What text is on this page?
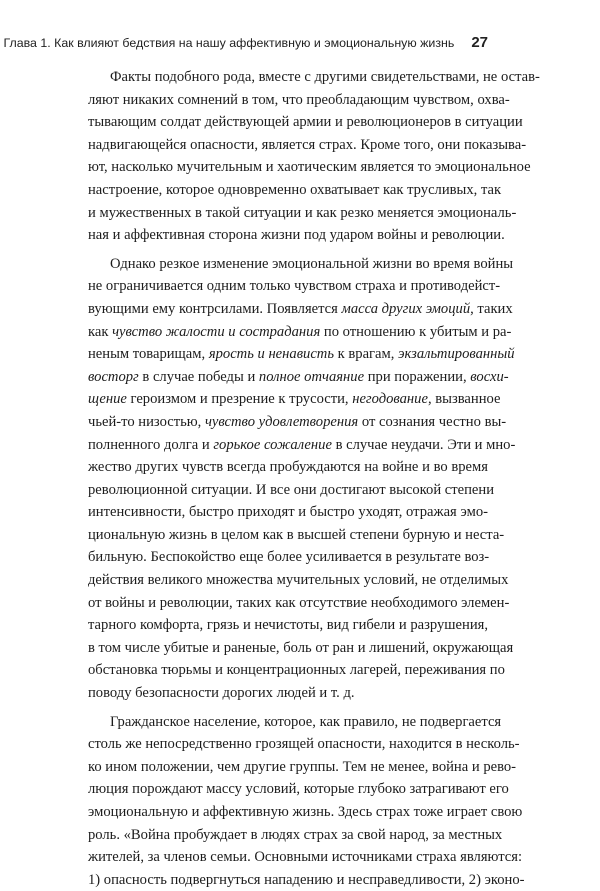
Глава 1. Как влияют бедствия на нашу аффективную и эмоциональную жизнь 27
Факты подобного рода, вместе с другими свидетельствами, не остав-
ляют никаких сомнений в том, что преобладающим чувством, охва-
тывающим солдат действующей армии и революционеров в ситуации
надвигающейся опасности, является страх. Кроме того, они показыва-
ют, насколько мучительным и хаотическим является то эмоциональное
настроение, которое одновременно охватывает как трусливых, так
и мужественных в такой ситуации и как резко меняется эмоциональ-
ная и аффективная сторона жизни под ударом войны и революции.
Однако резкое изменение эмоциональной жизни во время войны
не ограничивается одним только чувством страха и противодейст-
вующими ему контрсилами. Появляется масса других эмоций, таких
как чувство жалости и сострадания по отношению к убитым и ра-
неным товарищам, ярость и ненависть к врагам, экзальтированный
восторг в случае победы и полное отчаяние при поражении, восхи-
щение героизмом и презрение к трусости, негодование, вызванное
чьей-то низостью, чувство удовлетворения от сознания честно вы-
полненного долга и горькое сожаление в случае неудачи. Эти и мно-
жество других чувств всегда пробуждаются на войне и во время
революционной ситуации. И все они достигают высокой степени
интенсивности, быстро приходят и быстро уходят, отражая эмо-
циональную жизнь в целом как в высшей степени бурную и неста-
бильную. Беспокойство еще более усиливается в результате воз-
действия великого множества мучительных условий, не отделимых
от войны и революции, таких как отсутствие необходимого элемен-
тарного комфорта, грязь и нечистоты, вид гибели и разрушения,
в том числе убитые и раненые, боль от ран и лишений, окружающая
обстановка тюрьмы и концентрационных лагерей, переживания по
поводу безопасности дорогих людей и т. д.
Гражданское население, которое, как правило, не подвергается
столь же непосредственно грозящей опасности, находится в несколь-
ко ином положении, чем другие группы. Тем не менее, война и рево-
люция порождают массу условий, которые глубоко затрагивают его
эмоциональную и аффективную жизнь. Здесь страх тоже играет свою
роль. «Война пробуждает в людях страх за свой народ, за местных
жителей, за членов семьи. Основными источниками страха являются:
1) опасность подвергнуться нападению и несправедливости, 2) эконо-
